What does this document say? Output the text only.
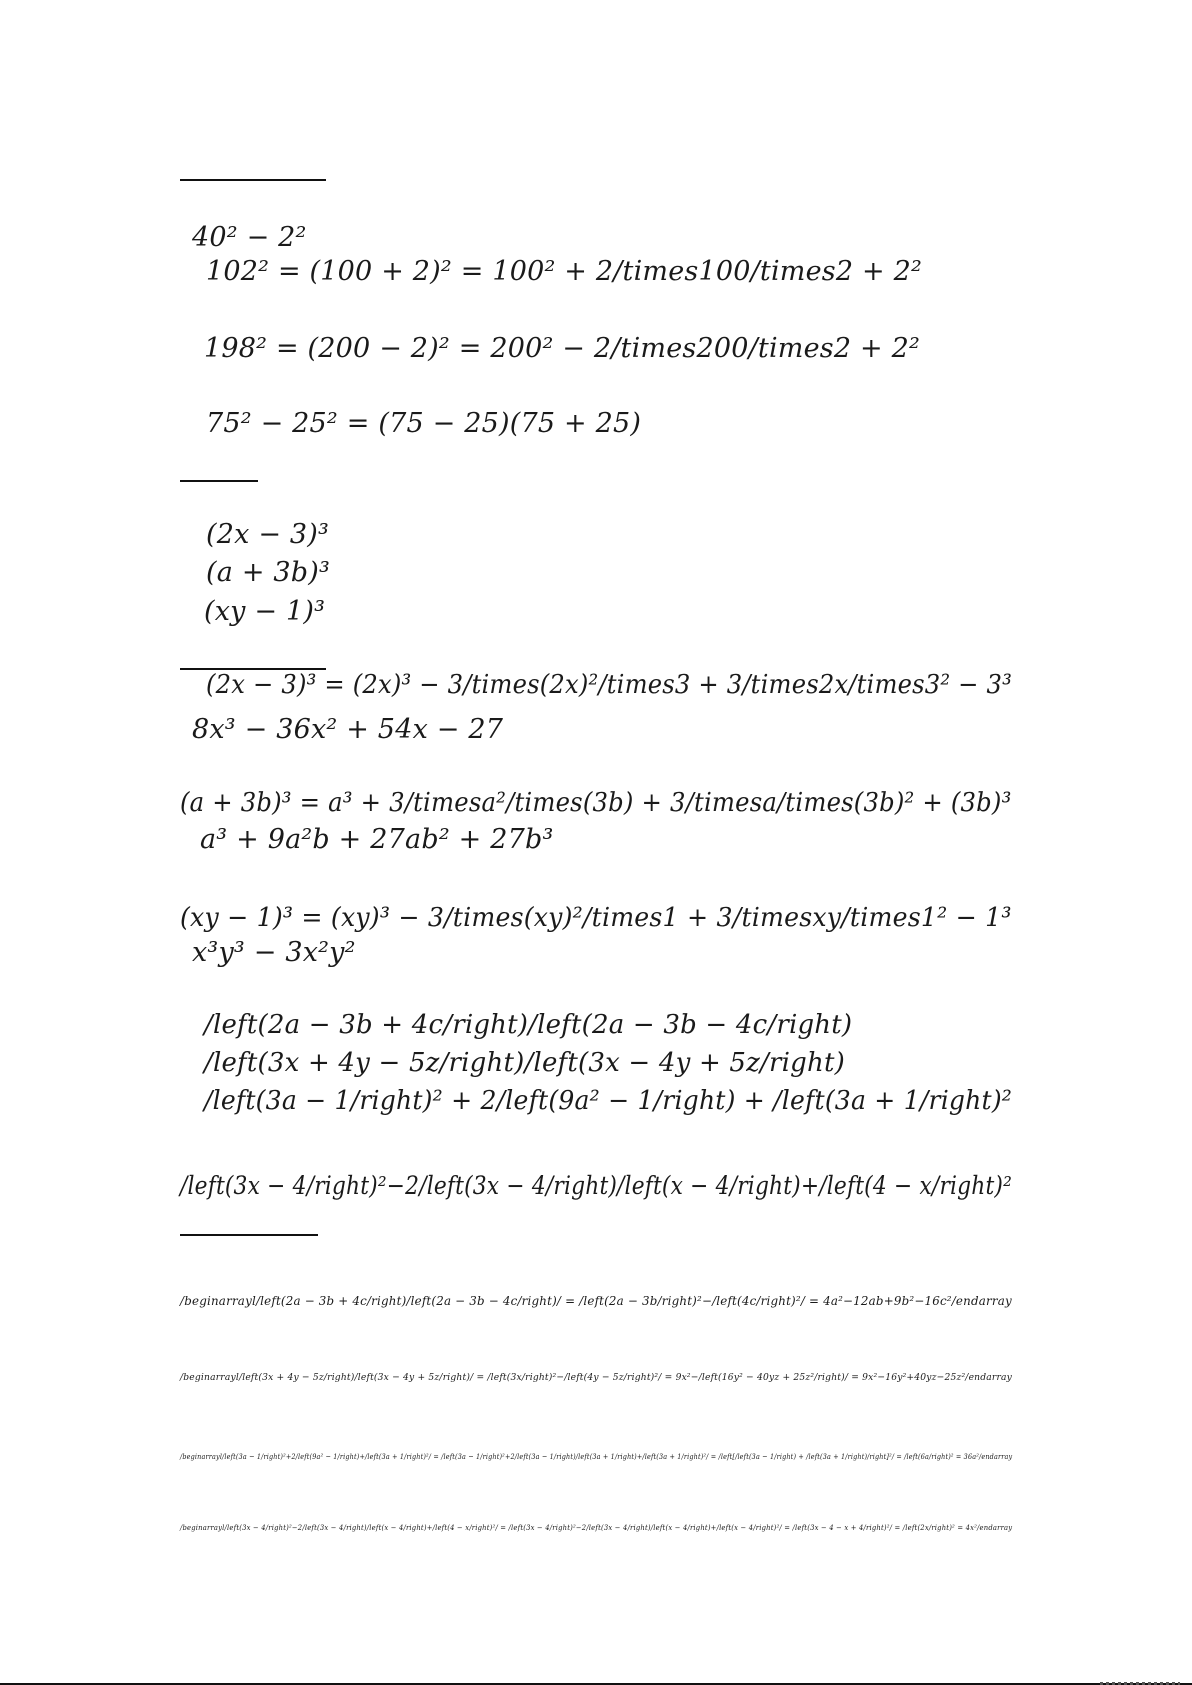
40² − 2²
102² = (100 + 2)² = 100² + 2/times100/times2 + 2²
198² = (200 − 2)² = 200² − 2/times200/times2 + 2²
75² − 25² = (75 − 25)(75 + 25)
(2x − 3)³
(a + 3b)³
(xy − 1)³
(2x − 3)³ = (2x)³ − 3/times(2x)²/times3 + 3/times2x/times3² − 3³
8x³ − 36x² + 54x − 27
(a + 3b)³ = a³ + 3/timesa²/times(3b) + 3/timesa/times(3b)² + (3b)³
a³ + 9a²b + 27ab² + 27b³
(xy − 1)³ = (xy)³ − 3/times(xy)²/times1 + 3/timesxy/times1² − 1³
x³y³ − 3x²y²
/left(2a − 3b + 4c/right)/left(2a − 3b − 4c/right)
/left(3x + 4y − 5z/right)/left(3x − 4y + 5z/right)
/left(3a − 1/right)² + 2/left(9a² − 1/right) + /left(3a + 1/right)²
/left(3x − 4/right)²−2/left(3x − 4/right)/left(x − 4/right)+/left(4 − x/right)²
/beginarrayl/left(2a − 3b + 4c/right)/left(2a − 3b − 4c/right)/ = /left(2a − 3b/right)²−/left(4c/right)²/ = 4a²−12ab+9b²−16c²/endarray
/beginarrayl/left(3x + 4y − 5z/right)/left(3x − 4y + 5z/right)/ = /left(3x/right)²−/left(4y − 5z/right)²/ = 9x²−/left(16y² − 40yz + 25z²/right)/ = 9x²−16y²+40yz−25z²/endarray
/beginarrayl/left(3a − 1/right)²+2/left(9a² − 1/right)+/left(3a + 1/right)²/ = /left(3a − 1/right)²+2/left(3a − 1/right)/left(3a + 1/right)+/left(3a + 1/right)²/ = /left[/left(3a − 1/right) + /left(3a + 1/right)/right]²/ = /left(6a/right)² = 36a²/endarray
/beginarrayl/left(3x − 4/right)²−2/left(3x − 4/right)/left(x − 4/right)+/left(4 − x/right)²/ = /left(3x − 4/right)²−2/left(3x − 4/right)/left(x − 4/right)+/left(x − 4/right)²/ = /left(3x − 4 − x + 4/right)²/ = /left(2x/right)² = 4x²/endarray
